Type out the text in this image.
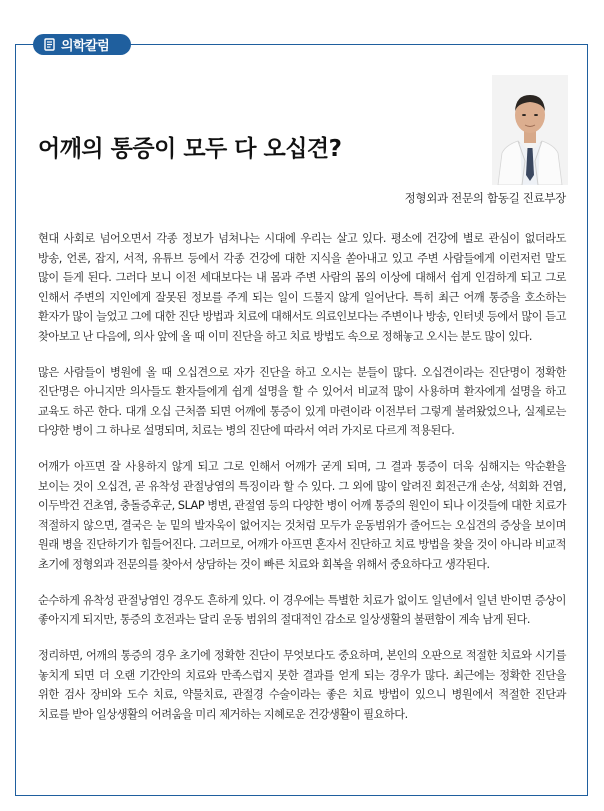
의학칼럼
어깨의 통증이 모두 다 오십견?
정형외과 전문의 함동길 진료부장

현대 사회로 넘어오면서 각종 정보가 넘쳐나는 시대에 우리는 살고 있다. 평소에 건강에 별로 관심이 없더라도 방송, 언론, 잡지, 서적, 유튜브 등에서 각종 건강에 대한 지식을 쏟아내고 있고 주변 사람들에게 이런저런 말도 많이 듣게 된다. 그러다 보니 이전 세대보다는 내 몸과 주변 사람의 몸의 이상에 대해서 쉽게 인검하게 되고 그로 인해서 주변의 지인에게 잘못된 정보를 주게 되는 일이 드물지 않게 일어난다. 특히 최근 어깨 통증을 호소하는 환자가 많이 늘었고 그에 대한 진단 방법과 치료에 대해서도 의료인보다는 주변이나 방송, 인터넷 등에서 많이 듣고 찾아보고 난 다음에, 의사 앞에 올 때 이미 진단을 하고 치료 방법도 속으로 정해놓고 오시는 분도 많이 있다.

많은 사람들이 병원에 올 때 오십견으로 자가 진단을 하고 오시는 분들이 많다. 오십견이라는 진단명이 정확한 진단명은 아니지만 의사들도 환자들에게 쉽게 설명을 할 수 있어서 비교적 많이 사용하며 환자에게 설명을 하고 교육도 하곤 한다. 대개 오십 근처쯤 되면 어깨에 통증이 있게 마련이라 이전부터 그렇게 불려왔었으나, 실제로는 다양한 병이 그 하나로 설명되며, 치료는 병의 진단에 따라서 여러 가지로 다르게 적용된다.

어깨가 아프면 잘 사용하지 않게 되고 그로 인해서 어깨가 굳게 되며, 그 결과 통증이 더욱 심해지는 악순환을 보이는 것이 오십견, 곧 유착성 관절낭염의 특징이라 할 수 있다. 그 외에 많이 알려진 회전근개 손상, 석회화 건염, 이두박건 건초염, 충돌증후군, SLAP 병변, 관절염 등의 다양한 병이 어깨 통증의 원인이 되나 이것들에 대한 치료가 적절하지 않으면, 결국은 눈 밑의 발자욱이 없어지는 것처럼 모두가 운동범위가 줄어드는 오십견의 증상을 보이며 원래 병을 진단하기가 힘들어진다. 그러므로, 어깨가 아프면 혼자서 진단하고 치료 방법을 찾을 것이 아니라 비교적 초기에 정형외과 전문의를 찾아서 상담하는 것이 빠른 치료와 회복을 위해서 중요하다고 생각된다.

순수하게 유착성 관절낭염인 경우도 흔하게 있다. 이 경우에는 특별한 치료가 없이도 일년에서 일년 반이면 증상이 좋아지게 되지만, 통증의 호전과는 달리 운동 범위의 절대적인 감소로 일상생활의 불편함이 계속 남게 된다.

정리하면, 어깨의 통증의 경우 초기에 정확한 진단이 무엇보다도 중요하며, 본인의 오판으로 적절한 치료와 시기를 놓치게 되면 더 오랜 기간안의 치료와 만족스럽지 못한 결과를 얻게 되는 경우가 많다. 최근에는 정확한 진단을 위한 검사 장비와 도수 치료, 약물치료, 관절경 수술이라는 좋은 치료 방법이 있으니 병원에서 적절한 진단과 치료를 받아 일상생활의 어려움을 미리 제거하는 지혜로운 건강생활이 필요하다.
